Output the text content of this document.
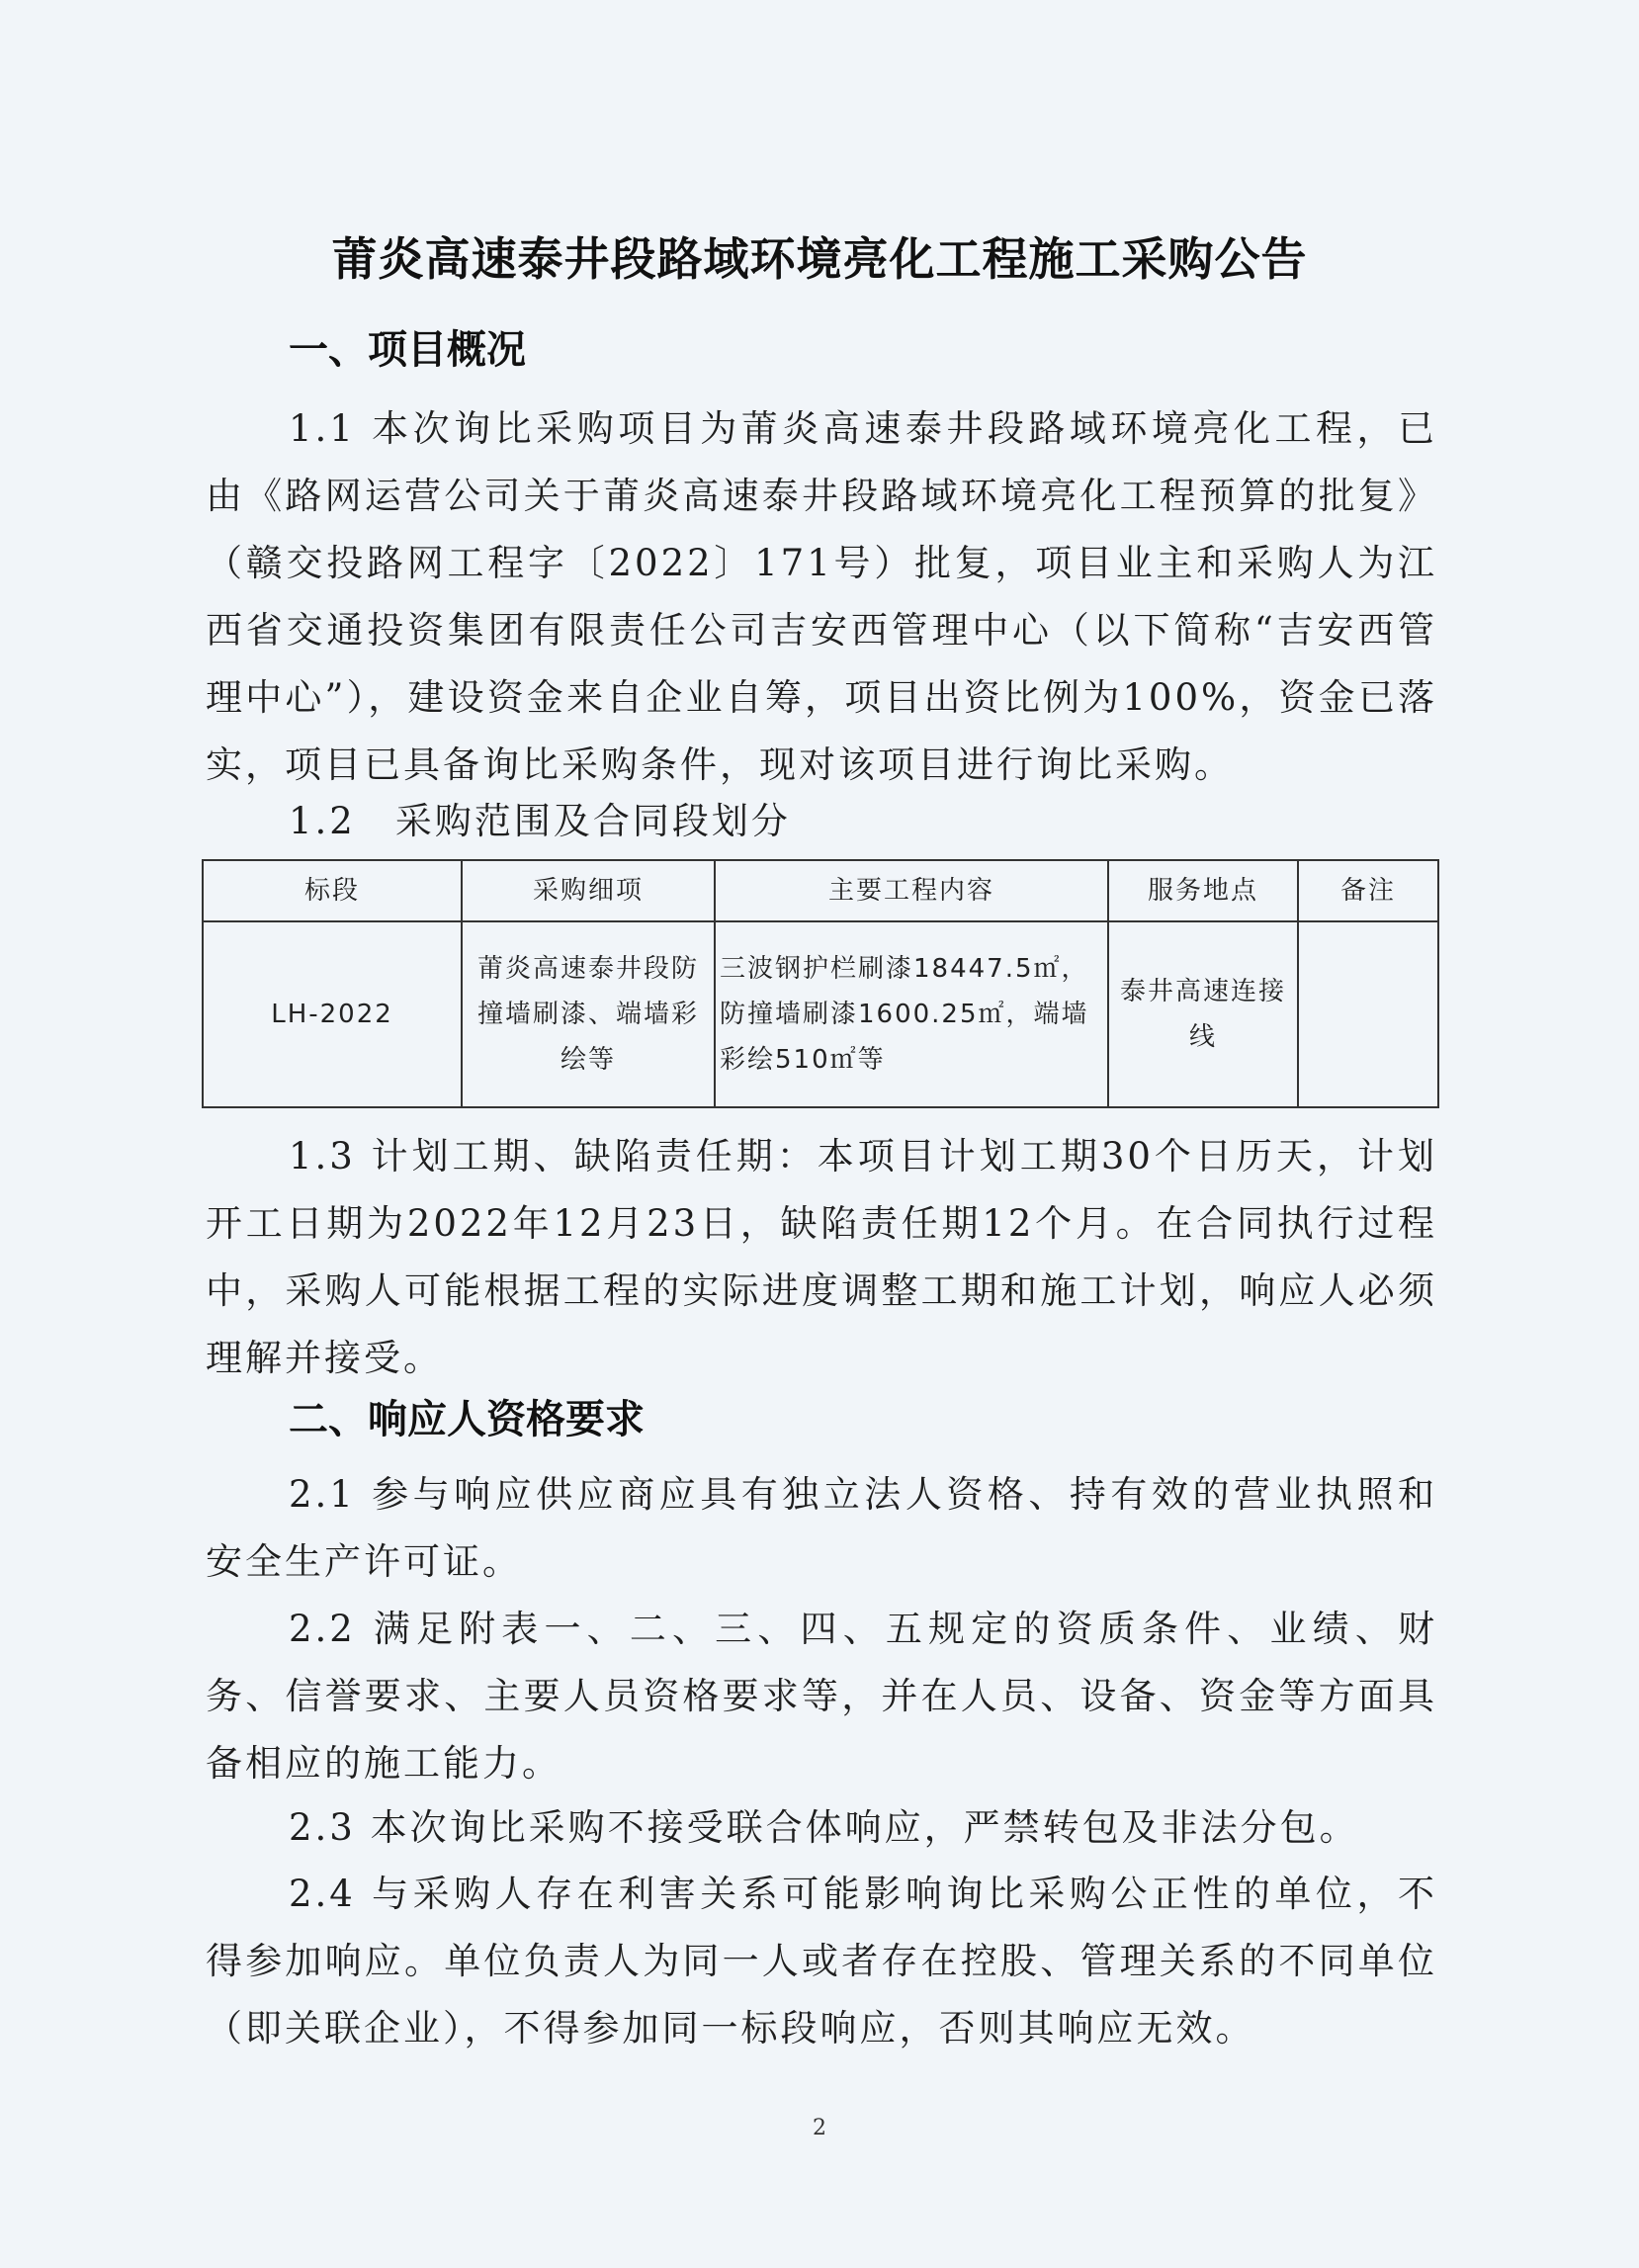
莆炎高速泰井段路域环境亮化工程施工采购公告
一、项目概况
1.1 本次询比采购项目为莆炎高速泰井段路域环境亮化工程，已由《路网运营公司关于莆炎高速泰井段路域环境亮化工程预算的批复》（赣交投路网工程字〔2022〕171号）批复，项目业主和采购人为江西省交通投资集团有限责任公司吉安西管理中心（以下简称“吉安西管理中心”），建设资金来自企业自筹，项目出资比例为100%，资金已落实，项目已具备询比采购条件，现对该项目进行询比采购。
1.2　采购范围及合同段划分
标段	采购细项	主要工程内容	服务地点	备注
LH-2022	莆炎高速泰井段防撞墙刷漆、端墙彩绘等	三波钢护栏刷漆18447.5㎡，防撞墙刷漆1600.25㎡，端墙彩绘510㎡等	泰井高速连接线	
1.3 计划工期、缺陷责任期：本项目计划工期30个日历天，计划开工日期为2022年12月23日，缺陷责任期12个月。在合同执行过程中，采购人可能根据工程的实际进度调整工期和施工计划，响应人必须理解并接受。
二、响应人资格要求
2.1 参与响应供应商应具有独立法人资格、持有效的营业执照和安全生产许可证。
2.2 满足附表一、二、三、四、五规定的资质条件、业绩、财务、信誉要求、主要人员资格要求等，并在人员、设备、资金等方面具备相应的施工能力。
2.3 本次询比采购不接受联合体响应，严禁转包及非法分包。
2.4 与采购人存在利害关系可能影响询比采购公正性的单位，不得参加响应。单位负责人为同一人或者存在控股、管理关系的不同单位（即关联企业），不得参加同一标段响应，否则其响应无效。
2
